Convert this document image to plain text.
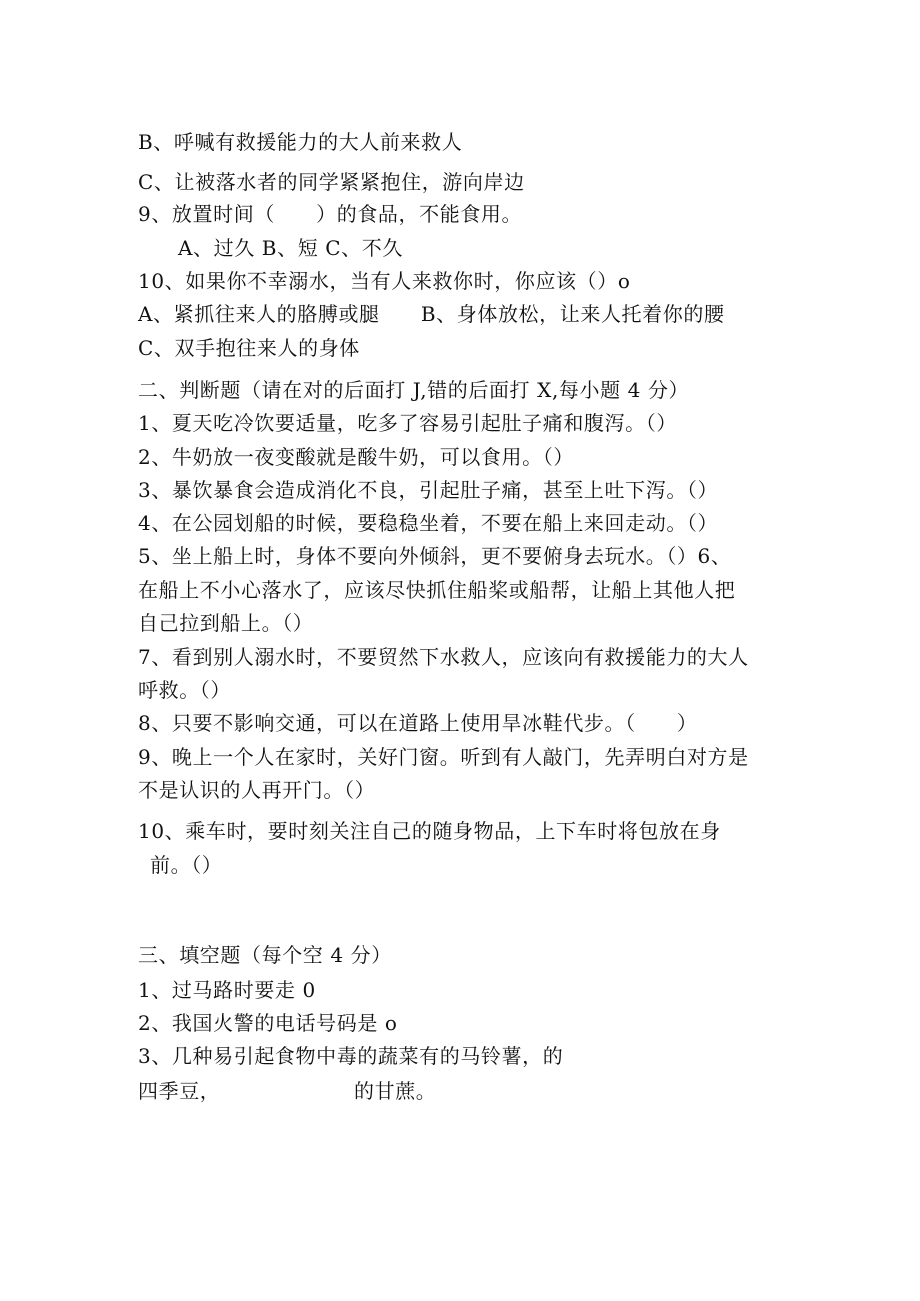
B、呼喊有救援能力的大人前来救人
C、让被落水者的同学紧紧抱住，游向岸边
9、放置时间（　　）的食品，不能食用。
A、过久 B、短 C、不久
10、如果你不幸溺水，当有人来救你时，你应该（）o
A、紧抓往来人的胳膊或腿　　B、身体放松，让来人托着你的腰
C、双手抱往来人的身体
二、判断题（请在对的后面打 J,错的后面打 X,每小题 4 分）
1、夏天吃冷饮要适量，吃多了容易引起肚子痛和腹泻。（）
2、牛奶放一夜变酸就是酸牛奶，可以食用。（）
3、暴饮暴食会造成消化不良，引起肚子痛，甚至上吐下泻。（）
4、在公园划船的时候，要稳稳坐着，不要在船上来回走动。（）
5、坐上船上时，身体不要向外倾斜，更不要俯身去玩水。（）6、
在船上不小心落水了，应该尽快抓住船桨或船帮，让船上其他人把
自己拉到船上。（）
7、看到别人溺水时，不要贸然下水救人，应该向有救援能力的大人
呼救。（）
8、只要不影响交通，可以在道路上使用旱冰鞋代步。（　　）
9、晚上一个人在家时，关好门窗。听到有人敲门，先弄明白对方是
不是认识的人再开门。（）
10、乘车时，要时刻关注自己的随身物品，上下车时将包放在身
前。（）
三、填空题（每个空 4 分）
1、过马路时要走 0
2、我国火警的电话号码是 o
3、几种易引起食物中毒的蔬菜有的马铃薯，的
四季豆，	的甘蔗。
